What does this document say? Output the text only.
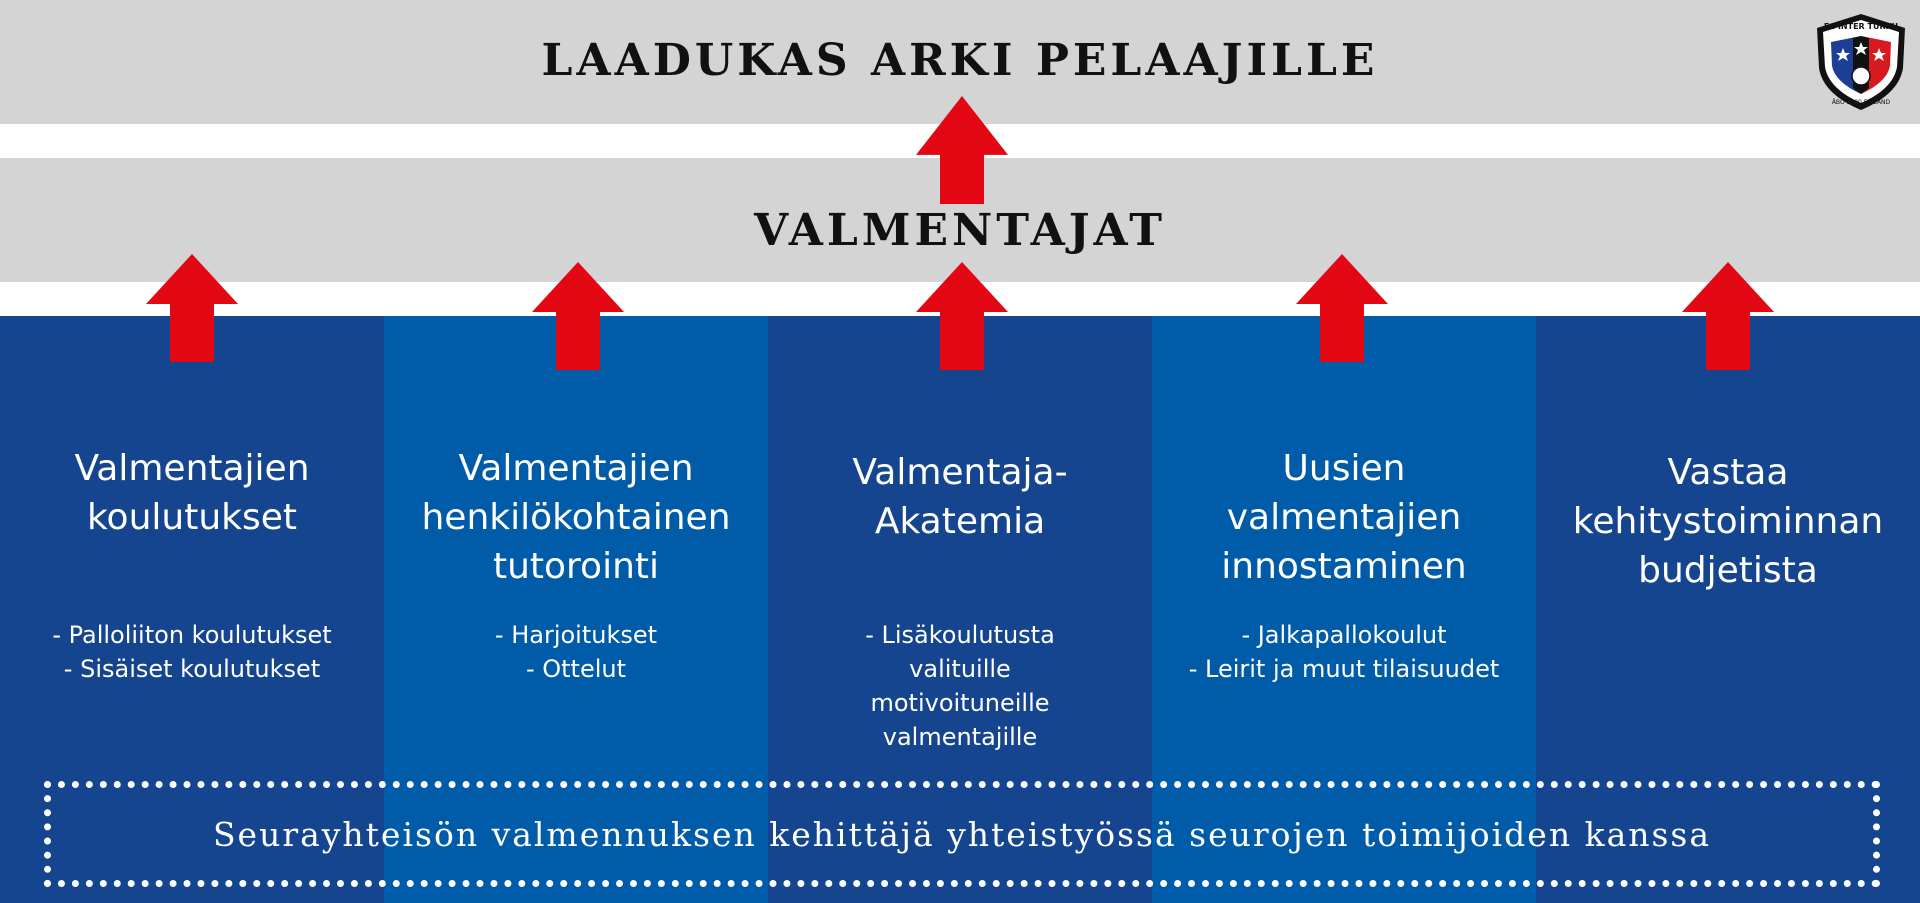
LAADUKAS ARKI PELAAJILLE
VALMENTAJAT
Valmentajien
koulutukset
- Palloliiton koulutukset
- Sisäiset koulutukset
Valmentajien
henkilökohtainen
tutorointi
- Harjoitukset
- Ottelut
Valmentaja-
Akatemia
- Lisäkoulutusta valituille motivoituneille valmentajille
Uusien
valmentajien
innostaminen
- Jalkapallokoulut
- Leirit ja muut tilaisuudet
Vastaa
kehitystoiminnan
budjetista
Seurayhteisön valmennuksen kehittäjä yhteistyössä seurojen toimijoiden kanssa
FC INTER TURKU
ÅBO 1990 FINLAND
